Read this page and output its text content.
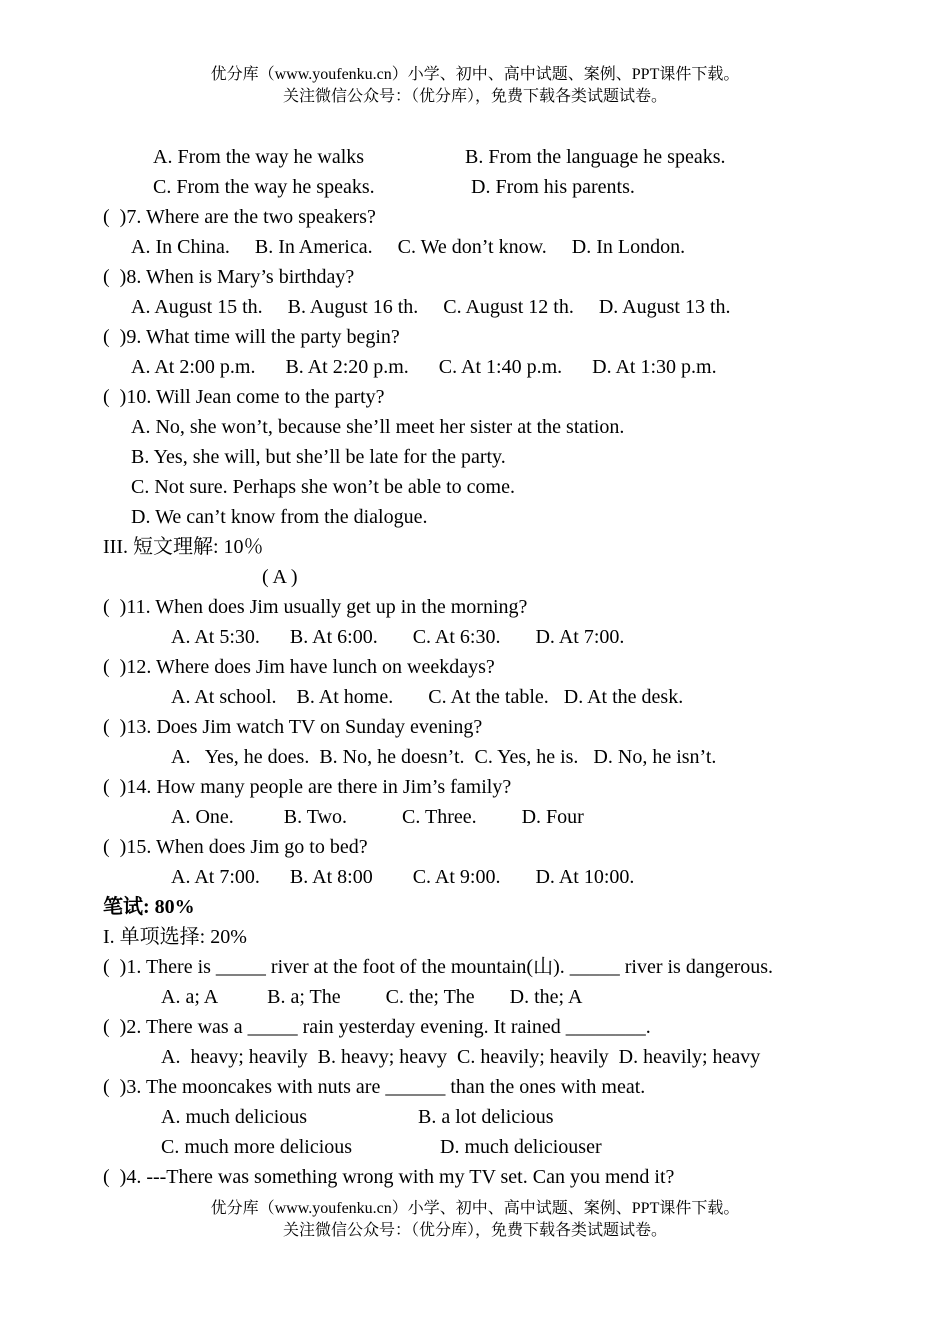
优分库（www.youfenku.cn）小学、初中、高中试题、案例、PPT课件下载。
关注微信公众号：（优分库），免费下载各类试题试卷。
A. From the way he walks	B. From the language he speaks.
C. From the way he speaks.	D. From his parents.
(  )7. Where are the two speakers?
A. In China.     B. In America.     C. We don’t know.     D. In London.
(  )8. When is Mary’s birthday?
A. August 15 th.     B. August 16 th.     C. August 12 th.     D. August 13 th.
(  )9. What time will the party begin?
A. At 2:00 p.m.      B. At 2:20 p.m.      C. At 1:40 p.m.      D. At 1:30 p.m.
(  )10. Will Jean come to the party?
A. No, she won’t, because she’ll meet her sister at the station.
B. Yes, she will, but she’ll be late for the party.
C. Not sure. Perhaps she won’t be able to come.
D. We can’t know from the dialogue.
III. 短文理解: 10％
( A )
(  )11. When does Jim usually get up in the morning?
A. At 5:30.      B. At 6:00.       C. At 6:30.       D. At 7:00.
(  )12. Where does Jim have lunch on weekdays?
A. At school.    B. At home.       C. At the table.   D. At the desk.
(  )13. Does Jim watch TV on Sunday evening?
A.   Yes, he does.  B. No, he doesn’t.  C. Yes, he is.   D. No, he isn’t.
(  )14. How many people are there in Jim’s family?
A. One.          B. Two.           C. Three.         D. Four
(  )15. When does Jim go to bed?
A. At 7:00.      B. At 8:00        C. At 9:00.       D. At 10:00.
笔试: 80%
I. 单项选择: 20%
(  )1. There is _____ river at the foot of the mountain(山). _____ river is dangerous.
A. a; A          B. a; The         C. the; The       D. the; A
(  )2. There was a _____ rain yesterday evening. It rained ________.
A.  heavy; heavily  B. heavy; heavy  C. heavily; heavily  D. heavily; heavy
(  )3. The mooncakes with nuts are ______ than the ones with meat.
A. much delicious	B. a lot delicious
C. much more delicious	D. much deliciouser
(  )4. ---There was something wrong with my TV set. Can you mend it?
优分库（www.youfenku.cn）小学、初中、高中试题、案例、PPT课件下载。
关注微信公众号：（优分库），免费下载各类试题试卷。
